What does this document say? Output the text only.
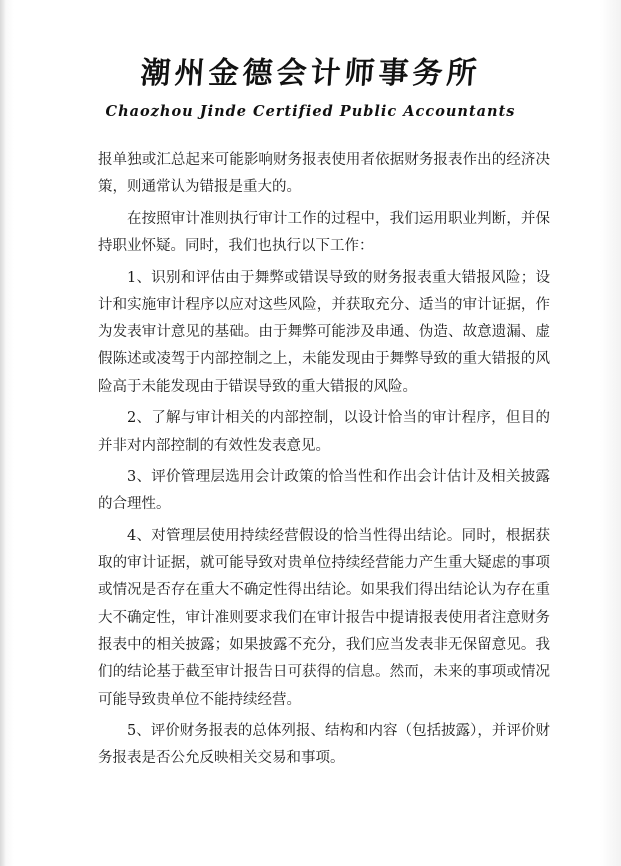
潮州金德会计师事务所
Chaozhou Jinde Certified Public Accountants

报单独或汇总起来可能影响财务报表使用者依据财务报表作出的经济决策，则通常认为错报是重大的。

在按照审计准则执行审计工作的过程中，我们运用职业判断，并保持职业怀疑。同时，我们也执行以下工作：

1、识别和评估由于舞弊或错误导致的财务报表重大错报风险；设计和实施审计程序以应对这些风险，并获取充分、适当的审计证据，作为发表审计意见的基础。由于舞弊可能涉及串通、伪造、故意遗漏、虚假陈述或凌驾于内部控制之上，未能发现由于舞弊导致的重大错报的风险高于未能发现由于错误导致的重大错报的风险。

2、了解与审计相关的内部控制，以设计恰当的审计程序，但目的并非对内部控制的有效性发表意见。

3、评价管理层选用会计政策的恰当性和作出会计估计及相关披露的合理性。

4、对管理层使用持续经营假设的恰当性得出结论。同时，根据获取的审计证据，就可能导致对贵单位持续经营能力产生重大疑虑的事项或情况是否存在重大不确定性得出结论。如果我们得出结论认为存在重大不确定性，审计准则要求我们在审计报告中提请报表使用者注意财务报表中的相关披露；如果披露不充分，我们应当发表非无保留意见。我们的结论基于截至审计报告日可获得的信息。然而，未来的事项或情况可能导致贵单位不能持续经营。

5、评价财务报表的总体列报、结构和内容（包括披露），并评价财务报表是否公允反映相关交易和事项。
